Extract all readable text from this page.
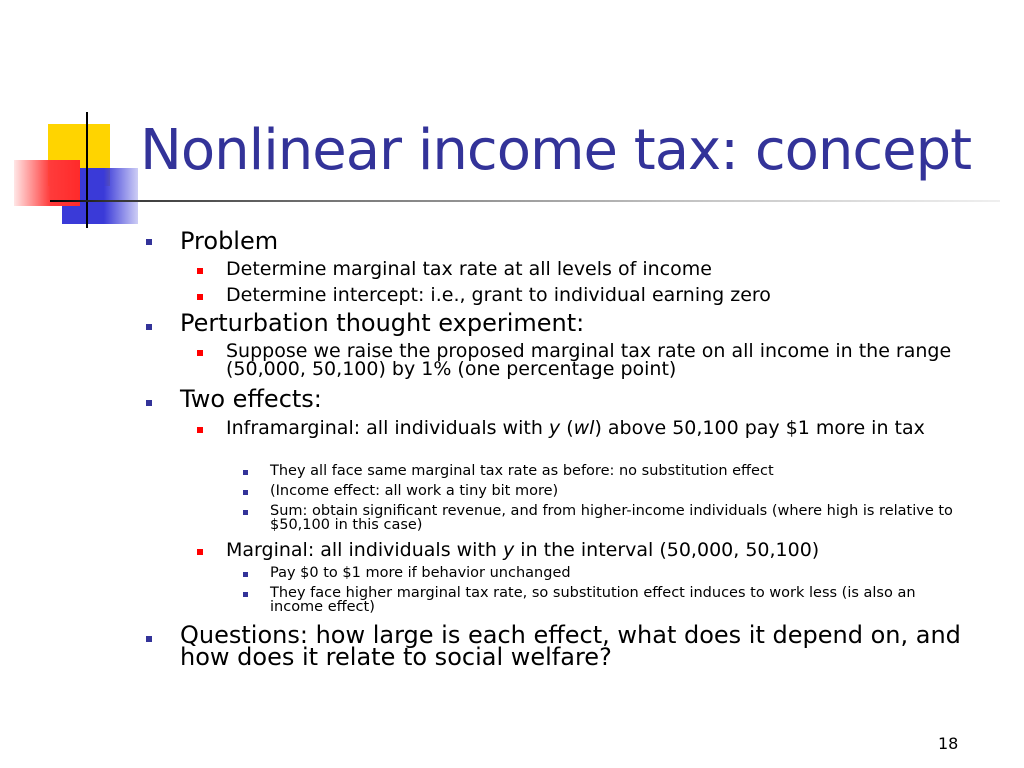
Nonlinear income tax: concept
Problem
Determine marginal tax rate at all levels of income
Determine intercept: i.e., grant to individual earning zero
Perturbation thought experiment:
Suppose we raise the proposed marginal tax rate on all income in the range (50,000, 50,100) by 1% (one percentage point)
Two effects:
Inframarginal: all individuals with y (wl) above 50,100 pay $1 more in tax
They all face same marginal tax rate as before: no substitution effect
(Income effect: all work a tiny bit more)
Sum: obtain significant revenue, and from higher-income individuals (where high is relative to $50,100 in this case)
Marginal: all individuals with y in the interval (50,000, 50,100)
Pay $0 to $1 more if behavior unchanged
They face higher marginal tax rate, so substitution effect induces to work less (is also an income effect)
Questions: how large is each effect, what does it depend on, and how does it relate to social welfare?
18
